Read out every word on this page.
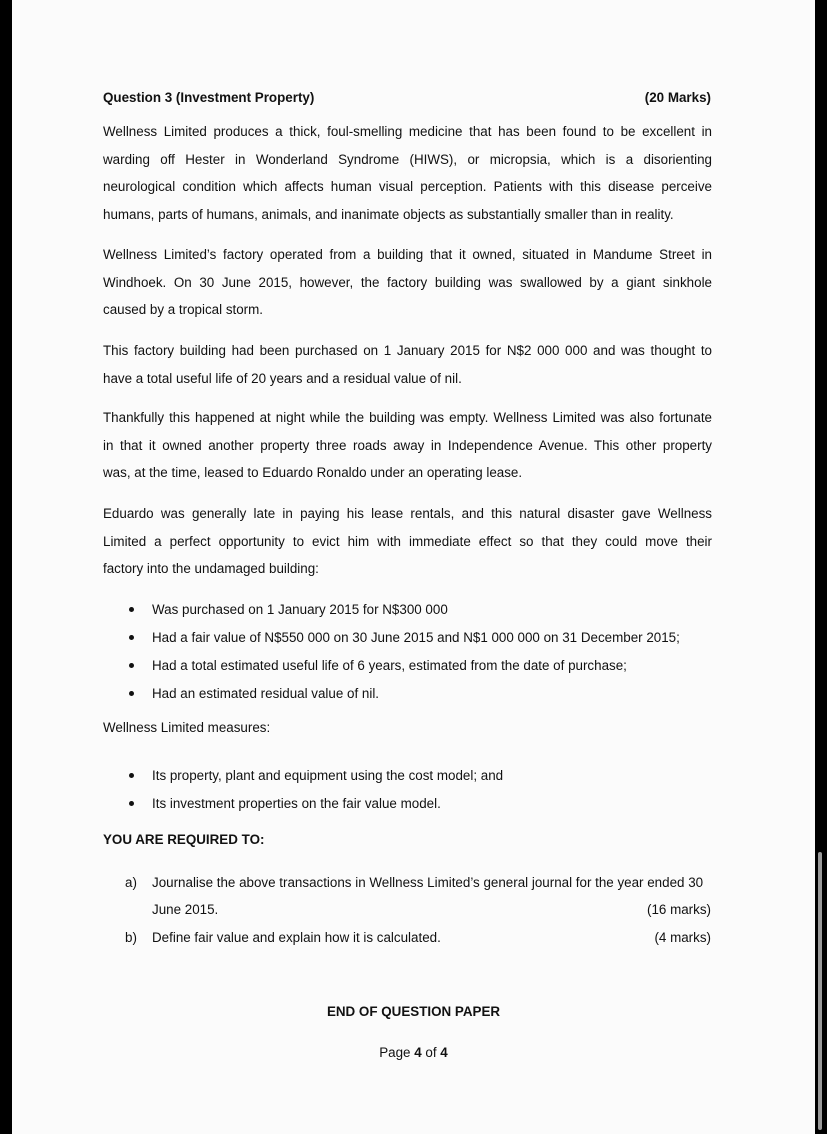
Question 3 (Investment Property)	(20 Marks)

Wellness Limited produces a thick, foul-smelling medicine that has been found to be excellent in
warding off Hester in Wonderland Syndrome (HIWS), or micropsia, which is a disorienting
neurological condition which affects human visual perception. Patients with this disease perceive
humans, parts of humans, animals, and inanimate objects as substantially smaller than in reality.

Wellness Limited’s factory operated from a building that it owned, situated in Mandume Street in
Windhoek. On 30 June 2015, however, the factory building was swallowed by a giant sinkhole
caused by a tropical storm.

This factory building had been purchased on 1 January 2015 for N$2 000 000 and was thought to
have a total useful life of 20 years and a residual value of nil.

Thankfully this happened at night while the building was empty. Wellness Limited was also fortunate
in that it owned another property three roads away in Independence Avenue. This other property
was, at the time, leased to Eduardo Ronaldo under an operating lease.

Eduardo was generally late in paying his lease rentals, and this natural disaster gave Wellness
Limited a perfect opportunity to evict him with immediate effect so that they could move their
factory into the undamaged building:

Was purchased on 1 January 2015 for N$300 000
Had a fair value of N$550 000 on 30 June 2015 and N$1 000 000 on 31 December 2015;
Had a total estimated useful life of 6 years, estimated from the date of purchase;
Had an estimated residual value of nil.
Wellness Limited measures:
Its property, plant and equipment using the cost model; and
Its investment properties on the fair value model.
YOU ARE REQUIRED TO:
a) Journalise the above transactions in Wellness Limited’s general journal for the year ended 30
June 2015.	(16 marks)
b) Define fair value and explain how it is calculated.	(4 marks)
END OF QUESTION PAPER
Page 4 of 4
